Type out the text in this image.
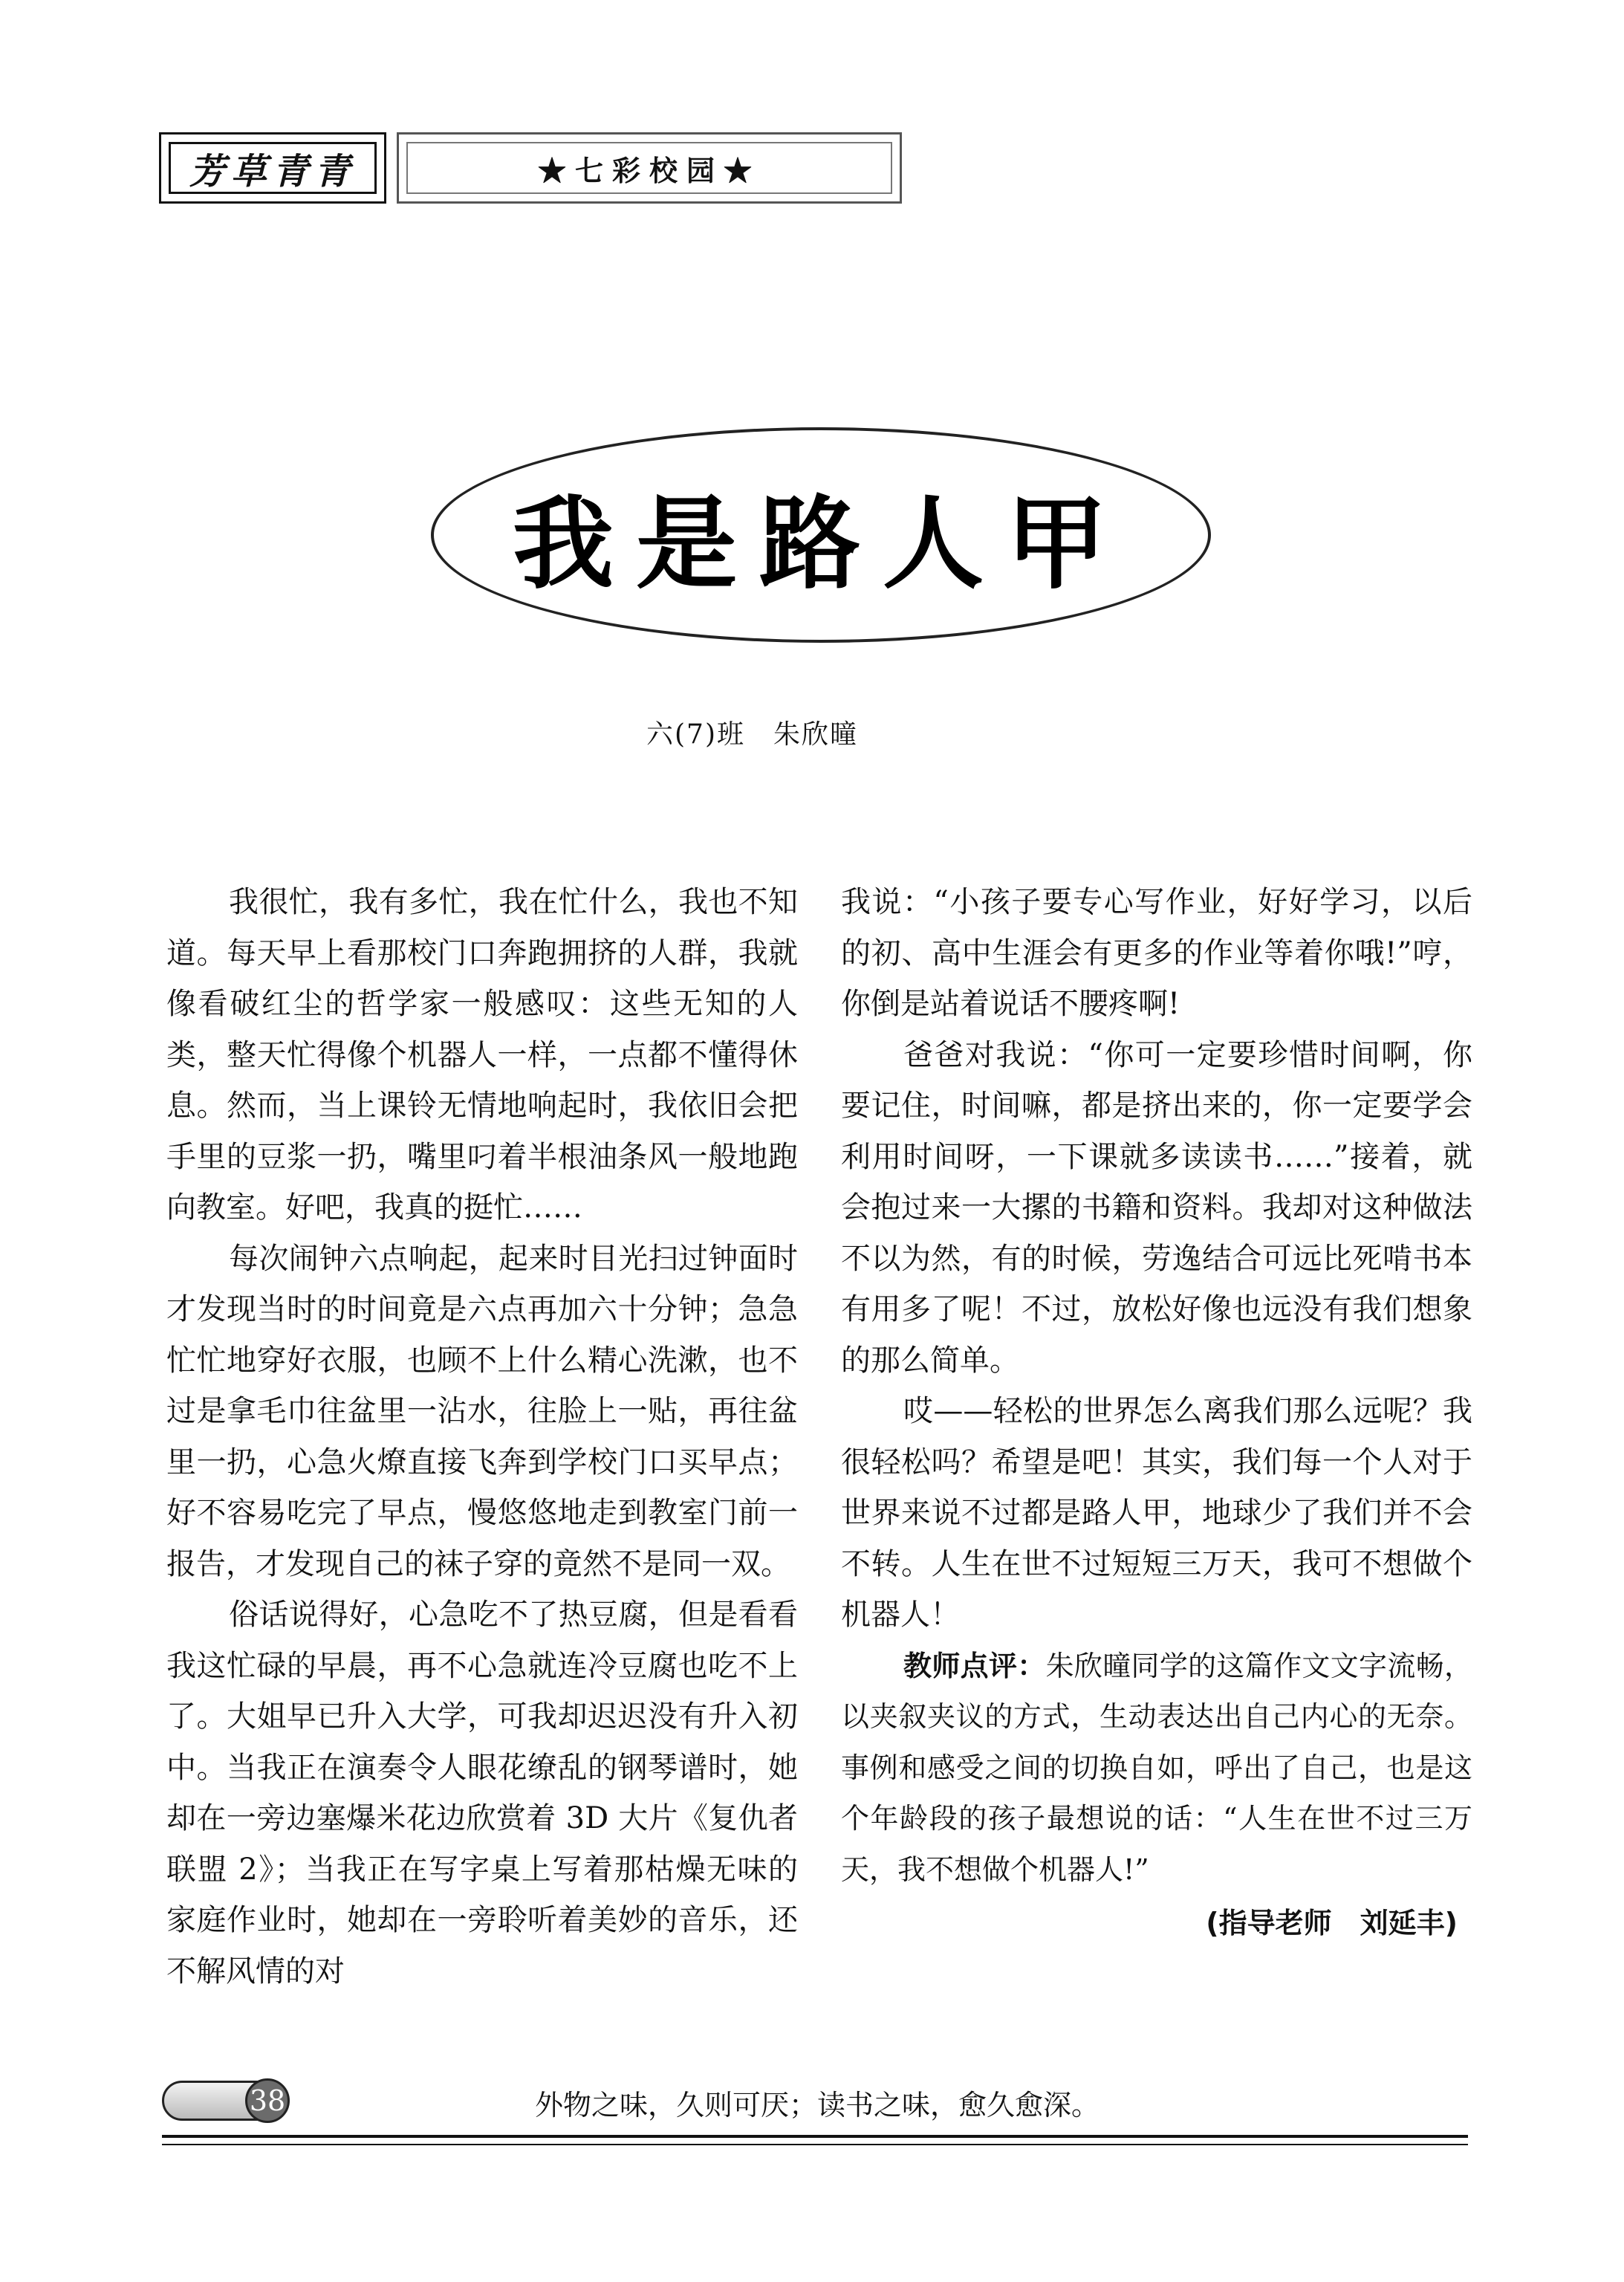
芳草青青	★七彩校园★
我是路人甲
六(7)班　朱欣曈

我很忙，我有多忙，我在忙什么，我也不知道。每天早上看那校门口奔跑拥挤的人群，我就像看破红尘的哲学家一般感叹：这些无知的人类，整天忙得像个机器人一样，一点都不懂得休息。然而，当上课铃无情地响起时，我依旧会把手里的豆浆一扔，嘴里叼着半根油条风一般地跑向教室。好吧，我真的挺忙……

每次闹钟六点响起，起来时目光扫过钟面时才发现当时的时间竟是六点再加六十分钟；急急忙忙地穿好衣服，也顾不上什么精心洗漱，也不过是拿毛巾往盆里一沾水，往脸上一贴，再往盆里一扔，心急火燎直接飞奔到学校门口买早点；好不容易吃完了早点，慢悠悠地走到教室门前一报告，才发现自己的袜子穿的竟然不是同一双。

俗话说得好，心急吃不了热豆腐，但是看看我这忙碌的早晨，再不心急就连冷豆腐也吃不上了。大姐早已升入大学，可我却迟迟没有升入初中。当我正在演奏令人眼花缭乱的钢琴谱时，她却在一旁边塞爆米花边欣赏着 3D 大片《复仇者联盟 2》；当我正在写字桌上写着那枯燥无味的家庭作业时，她却在一旁聆听着美妙的音乐，还不解风情的对

我说：“小孩子要专心写作业，好好学习，以后的初、高中生涯会有更多的作业等着你哦!”哼，你倒是站着说话不腰疼啊!

爸爸对我说：“你可一定要珍惜时间啊，你要记住，时间嘛，都是挤出来的，你一定要学会利用时间呀，一下课就多读读书……”接着，就会抱过来一大摞的书籍和资料。我却对这种做法不以为然，有的时候，劳逸结合可远比死啃书本有用多了呢！不过，放松好像也远没有我们想象的那么简单。

哎——轻松的世界怎么离我们那么远呢？我很轻松吗？希望是吧！其实，我们每一个人对于世界来说不过都是路人甲，地球少了我们并不会不转。人生在世不过短短三万天，我可不想做个机器人！

教师点评：朱欣曈同学的这篇作文文字流畅，以夹叙夹议的方式，生动表达出自己内心的无奈。事例和感受之间的切换自如，呼出了自己，也是这个年龄段的孩子最想说的话：“人生在世不过三万天，我不想做个机器人!”

(指导老师　刘延丰)
38	外物之味，久则可厌；读书之味，愈久愈深。
